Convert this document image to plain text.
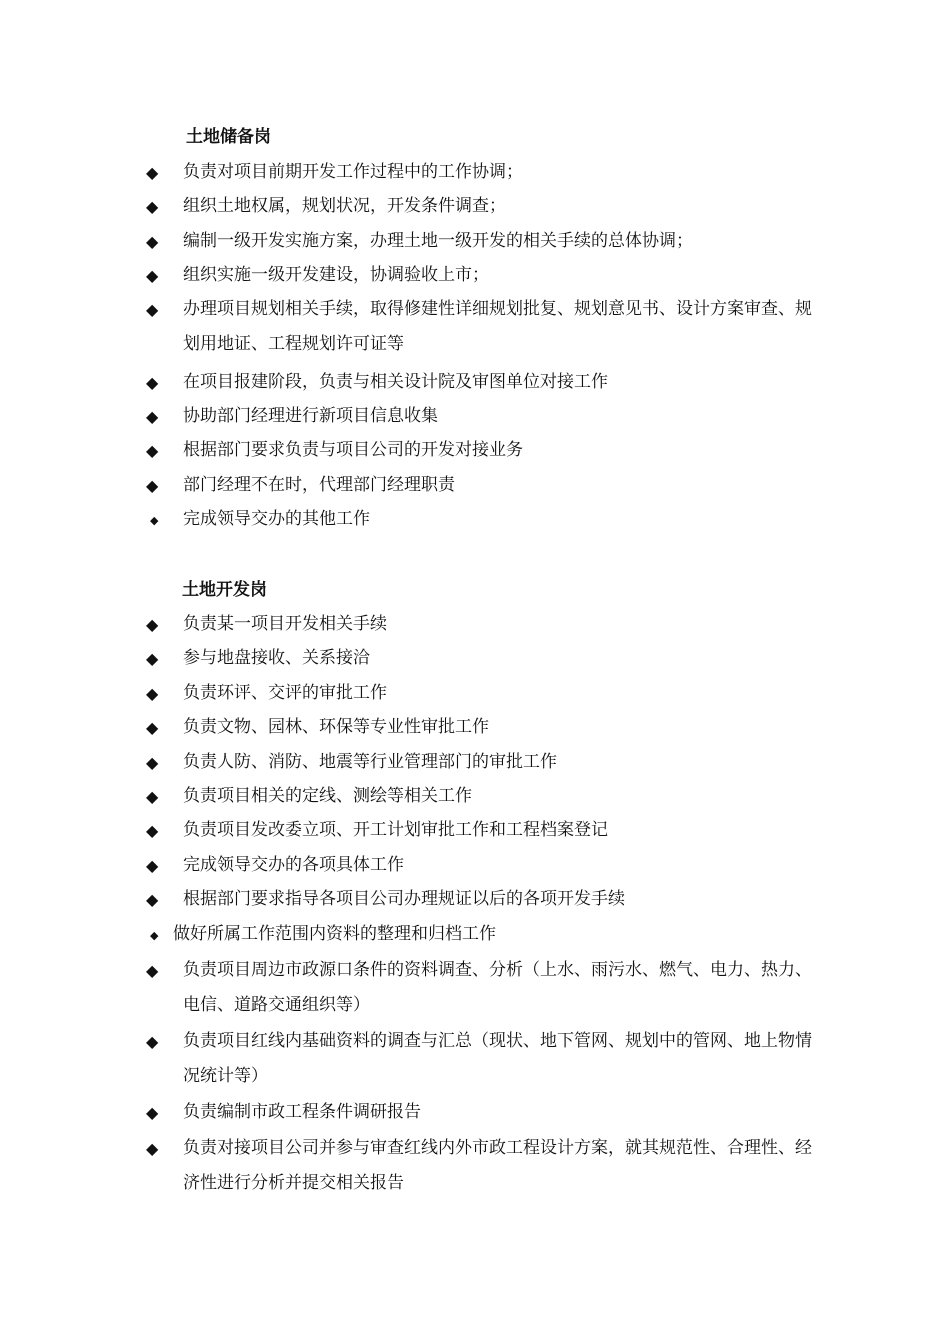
土地储备岗
◆	负责对项目前期开发工作过程中的工作协调；
◆	组织土地权属，规划状况，开发条件调查；
◆	编制一级开发实施方案，办理土地一级开发的相关手续的总体协调；
◆	组织实施一级开发建设，协调验收上市；
◆	办理项目规划相关手续，取得修建性详细规划批复、规划意见书、设计方案审查、规划用地证、工程规划许可证等
◆	在项目报建阶段，负责与相关设计院及审图单位对接工作
◆	协助部门经理进行新项目信息收集
◆	根据部门要求负责与项目公司的开发对接业务
◆	部门经理不在时，代理部门经理职责
◆	完成领导交办的其他工作
土地开发岗
◆	负责某一项目开发相关手续
◆	参与地盘接收、关系接洽
◆	负责环评、交评的审批工作
◆	负责文物、园林、环保等专业性审批工作
◆	负责人防、消防、地震等行业管理部门的审批工作
◆	负责项目相关的定线、测绘等相关工作
◆	负责项目发改委立项、开工计划审批工作和工程档案登记
◆	完成领导交办的各项具体工作
◆	根据部门要求指导各项目公司办理规证以后的各项开发手续
◆ 做好所属工作范围内资料的整理和归档工作
◆	负责项目周边市政源口条件的资料调查、分析（上水、雨污水、燃气、电力、热力、电信、道路交通组织等）
◆	负责项目红线内基础资料的调查与汇总（现状、地下管网、规划中的管网、地上物情况统计等）
◆	负责编制市政工程条件调研报告
◆	负责对接项目公司并参与审查红线内外市政工程设计方案，就其规范性、合理性、经济性进行分析并提交相关报告
